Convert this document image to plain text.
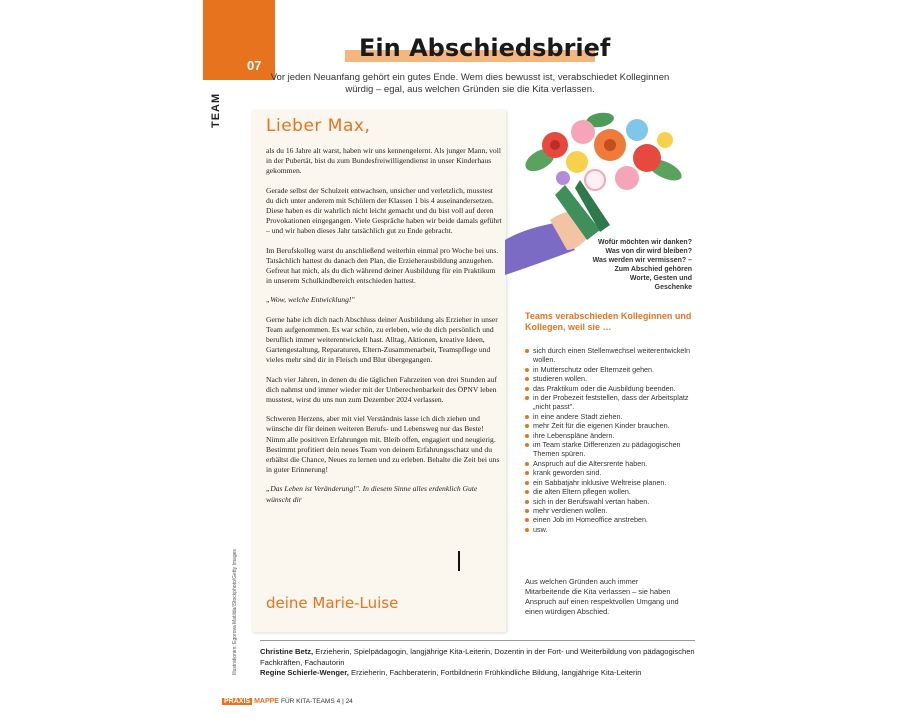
07
TEAM
Ein Abschiedsbrief
Vor jeden Neuanfang gehört ein gutes Ende. Wem dies bewusst ist, verabschiedet Kolleginnen würdig – egal, aus welchen Gründen sie die Kita verlassen.
Lieber Max,

als du 16 Jahre alt warst, haben wir uns kennengelernt. Als junger Mann, voll in der Pubertät, bist du zum Bundesfreiwilligendienst in unser Kinderhaus gekommen.

Gerade selbst der Schulzeit entwachsen, unsicher und verletzlich, musstest du dich unter anderem mit Schülern der Klassen 1 bis 4 auseinandersetzen. Diese haben es dir wahrlich nicht leicht gemacht und du bist voll auf deren Provokationen eingegangen. Viele Gespräche haben wir beide damals geführt – und wir haben dieses Jahr tatsächlich gut zu Ende gebracht.

Im Berufskolleg warst du anschließend weiterhin einmal pro Woche bei uns. Tatsächlich hattest du danach den Plan, die Erzieherausbildung anzugehen. Gefreut hat mich, als du dich während deiner Ausbildung für ein Praktikum in unserem Schulkindbereich entschieden hattest.

„Wow, welche Entwicklung!"

Gerne habe ich dich nach Abschluss deiner Ausbildung als Erzieher in unser Team aufgenommen. Es war schön, zu erleben, wie du dich persönlich und beruflich immer weiterentwickelt hast. Alltag, Aktionen, kreative Ideen, Gartengestaltung, Reparaturen, Eltern-Zusammenarbeit, Teamspflege und vieles mehr sind dir in Fleisch und Blut übergegangen.

Nach vier Jahren, in denen du die täglichen Fahrzeiten von drei Stunden auf dich nahmst und immer wieder mit der Unberechenbarkeit des ÖPNV leben musstest, wirst du uns nun zum Dezember 2024 verlassen.

Schweren Herzens, aber mit viel Verständnis lasse ich dich ziehen und wünsche dir für deinen weiteren Berufs- und Lebensweg nur das Beste! Nimm alle positiven Erfahrungen mit. Bleib offen, engagiert und neugierig. Bestimmt profitiert dein neues Team von deinem Erfahrungsschatz und du erhältst die Chance, Neues zu lernen und zu erleben. Behalte die Zeit bei uns in guter Erinnerung!

„Das Leben ist Veränderung!". In diesem Sinne alles erdenklich Gute wünscht dir

deine Marie-Luise
Wofür möchten wir danken? Was von dir wird bleiben? Was werden wir vermissen? – Zum Abschied gehören Worte, Gesten und Geschenke
Teams verabschieden Kolleginnen und Kollegen, weil sie …
sich durch einen Stellenwechsel weiterentwickeln wollen.
in Mutterschutz oder Elternzeit gehen.
studieren wollen.
das Praktikum oder die Ausbildung beenden.
in der Probezeit feststellen, dass der Arbeitsplatz „nicht passt".
in eine andere Stadt ziehen.
mehr Zeit für die eigenen Kinder brauchen.
ihre Lebenspläne ändern.
im Team starke Differenzen zu pädagogischen Themen spüren.
Anspruch auf die Altersrente haben.
krank geworden sind.
ein Sabbatjahr inklusive Weltreise planen.
die alten Eltern pflegen wollen.
sich in der Berufswahl vertan haben.
mehr verdienen wollen.
einen Job im Homeoffice anstreben.
usw.
Aus welchen Gründen auch immer Mitarbeitende die Kita verlassen – sie haben Anspruch auf einen respektvollen Umgang und einen würdigen Abschied.
Illustrationen: Egorova Matilda/iStockphoto/Getty Images	Christine Betz, Erzieherin, Spielpädagogin, langjährige Kita-Leiterin, Dozentin in der Fort- und Weiterbildung von pädagogischen Fachkräften, Fachautorin
Regine Schierle-Wenger, Erzieherin, Fachberaterin, Fortbildnerin Frühkindliche Bildung, langjährige Kita-Leiterin
PRAXIS MAPPE FÜR KITA-TEAMS 4 | 24
